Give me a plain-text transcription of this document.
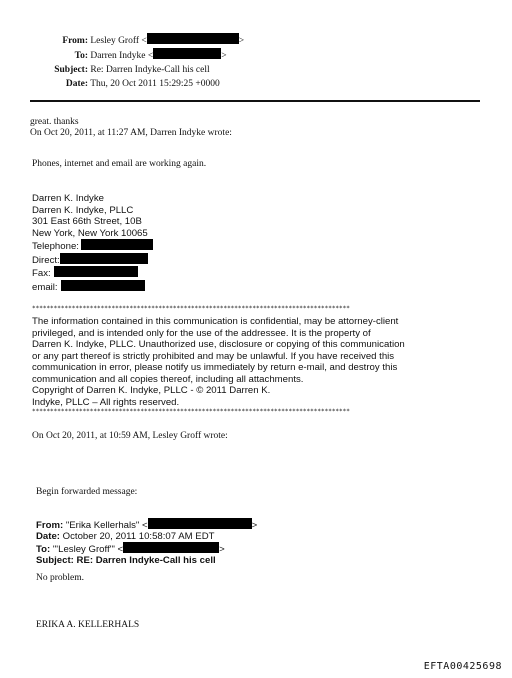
From: Lesley Groff <	>
To: Darren Indyke <	>
Subject: Re: Darren Indyke-Call his cell
Date: Thu, 20 Oct 2011 15:29:25 +0000
great. thanks
On Oct 20, 2011, at 11:27 AM, Darren Indyke wrote:
Phones, internet and email are working again.
Darren K. Indyke
Darren K. Indyke, PLLC
301 East 66th Street, 10B
New York, New York 10065
Telephone:
Direct:
Fax:
email:
****************************************************************************************
The information contained in this communication is confidential, may be attorney-client
privileged, and is intended only for the use of the addressee. It is the property of
Darren K. Indyke, PLLC. Unauthorized use, disclosure or copying of this communication
or any part thereof is strictly prohibited and may be unlawful. If you have received this
communication in error, please notify us immediately by return e-mail, and destroy this
communication and all copies thereof, including all attachments.
Copyright of Darren K. Indyke, PLLC - © 2011 Darren K.
Indyke, PLLC – All rights reserved.
****************************************************************************************
On Oct 20, 2011, at 10:59 AM, Lesley Groff wrote:
Begin forwarded message:
From: "Erika Kellerhals" <	>
Date: October 20, 2011 10:58:07 AM EDT
To: "'Lesley Groff'" <	>
Subject: RE: Darren Indyke-Call his cell
No problem.
ERIKA A. KELLERHALS
EFTA00425698
